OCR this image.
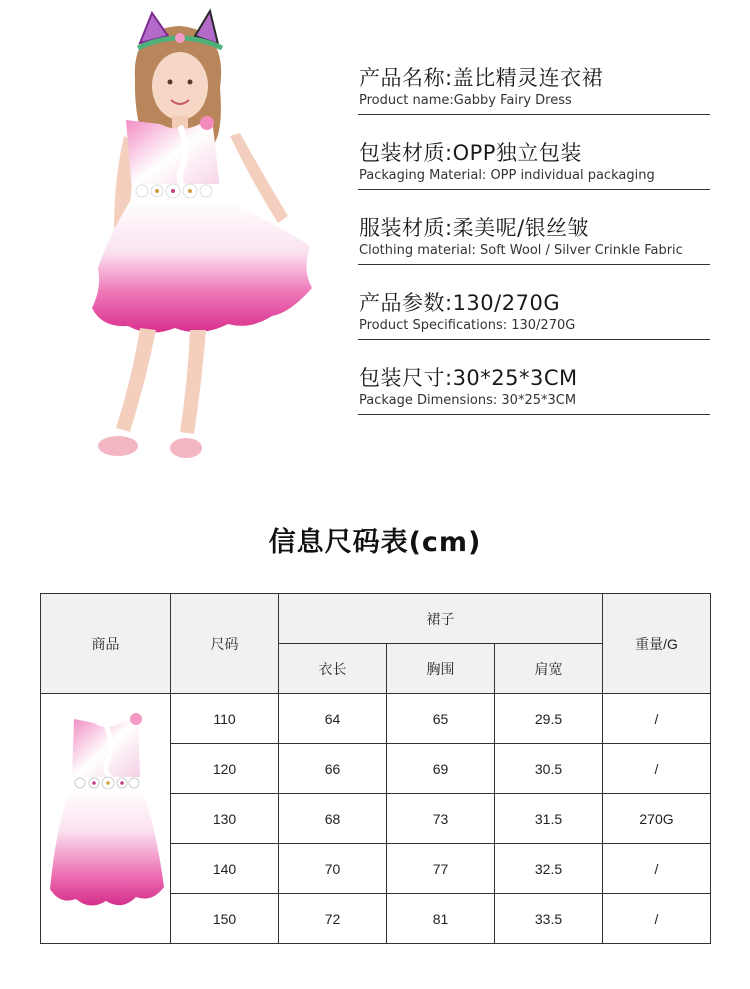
产品名称:盖比精灵连衣裙
Product name:Gabby Fairy Dress
包装材质:OPP独立包装
Packaging Material: OPP individual packaging
服装材质:柔美呢/银丝皱
Clothing material: Soft Wool / Silver Crinkle Fabric
产品参数:130/270G
Product Specifications: 130/270G
包装尺寸:30*25*3CM
Package Dimensions: 30*25*3CM
信息尺码表(cm)
商品	尺码	裙子			重量/G
		衣长	胸围	肩宽	
	110	64	65	29.5	/
	120	66	69	30.5	/
	130	68	73	31.5	270G
	140	70	77	32.5	/
	150	72	81	33.5	/
